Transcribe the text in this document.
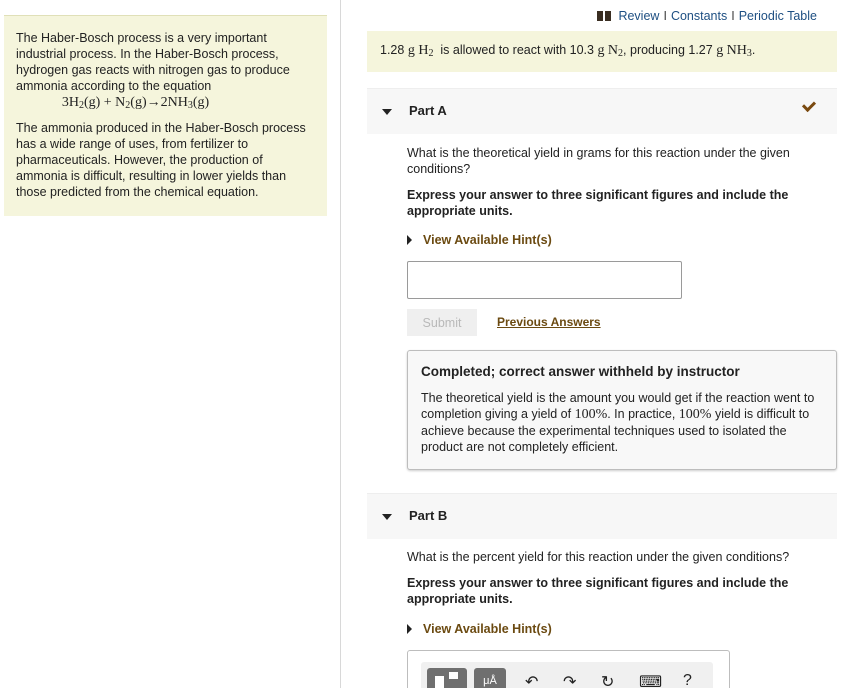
The Haber-Bosch process is a very important industrial process. In the Haber-Bosch process, hydrogen gas reacts with nitrogen gas to produce ammonia according to the equation

$3H_2(g) + N_2(g)\to 2NH_3(g)$

The ammonia produced in the Haber-Bosch process has a wide range of uses, from fertilizer to pharmaceuticals. However, the production of ammonia is difficult, resulting in lower yields than those predicted from the chemical equation.

Review I Constants I Periodic Table
1.28 g $H_2$ is allowed to react with 10.3 g $N_2$, producing 1.27 g $NH_3$.
Part A

What is the theoretical yield in grams for this reaction under the given conditions?

Express your answer to three significant figures and include the appropriate units.

View Available Hint(s)
Submit	Previous Answers
Completed; correct answer withheld by instructor
The theoretical yield is the amount you would get if the reaction went to completion giving a yield of 100%. In practice, 100% yield is difficult to achieve because the experimental techniques used to isolated the product are not completely efficient.
Part B

What is the percent yield for this reaction under the given conditions?

Express your answer to three significant figures and include the appropriate units.

View Available Hint(s)
μÅ	↶ ↷ ↻ ⌨ ?
